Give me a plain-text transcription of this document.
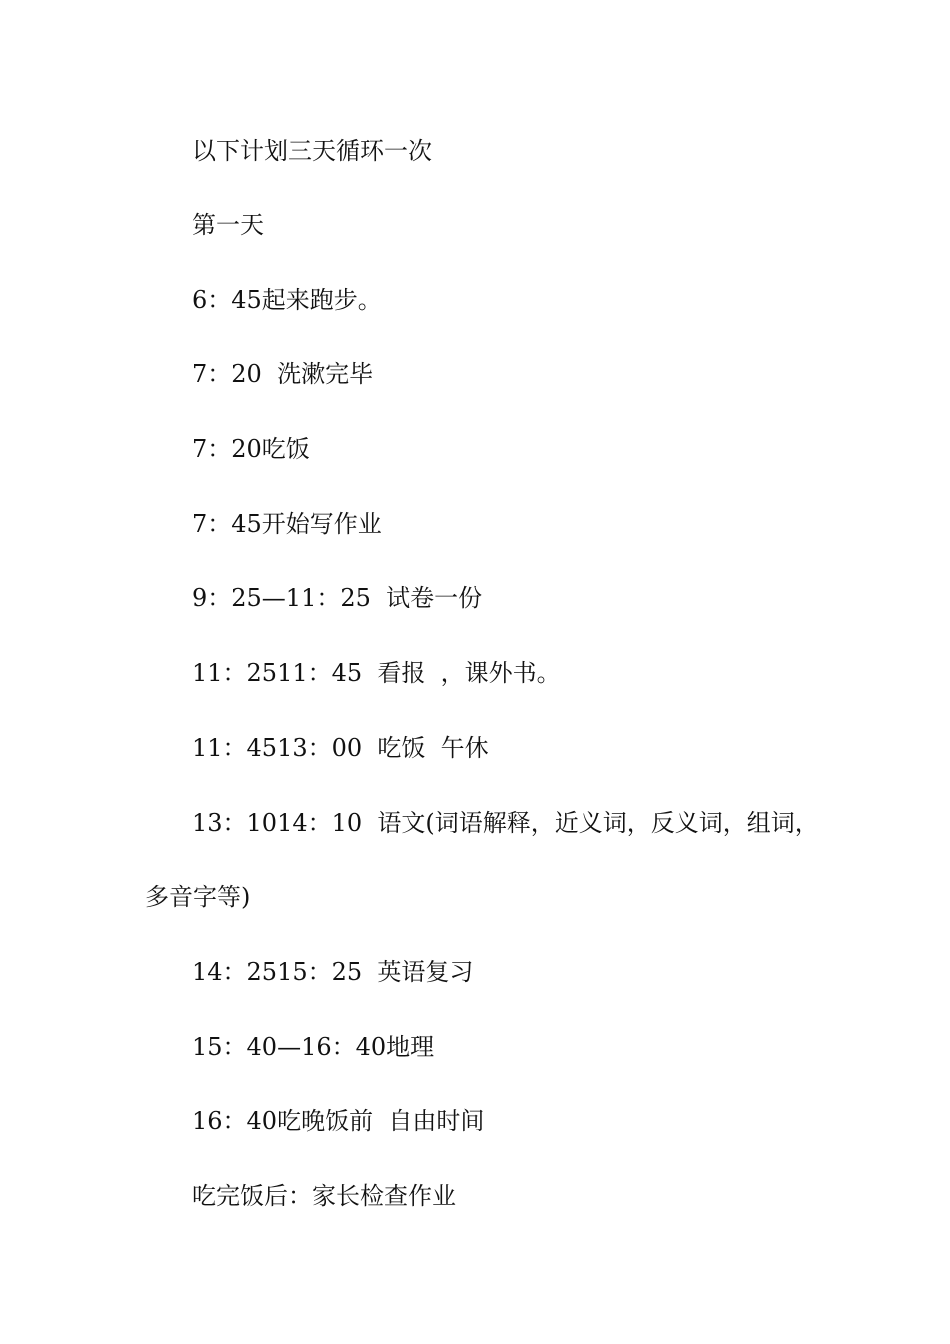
以下计划三天循环一次

第一天

6：45起来跑步。

7：20  洗漱完毕

7：20吃饭

7：45开始写作业

9：25—11：25  试卷一份

11：2511：45  看报  ，课外书。

11：4513：00  吃饭  午休

13：1014：10  语文(词语解释，近义词，反义词，组词，

多音字等)

14：2515：25  英语复习

15：40—16：40地理

16：40吃晚饭前  自由时间

吃完饭后：家长检查作业
